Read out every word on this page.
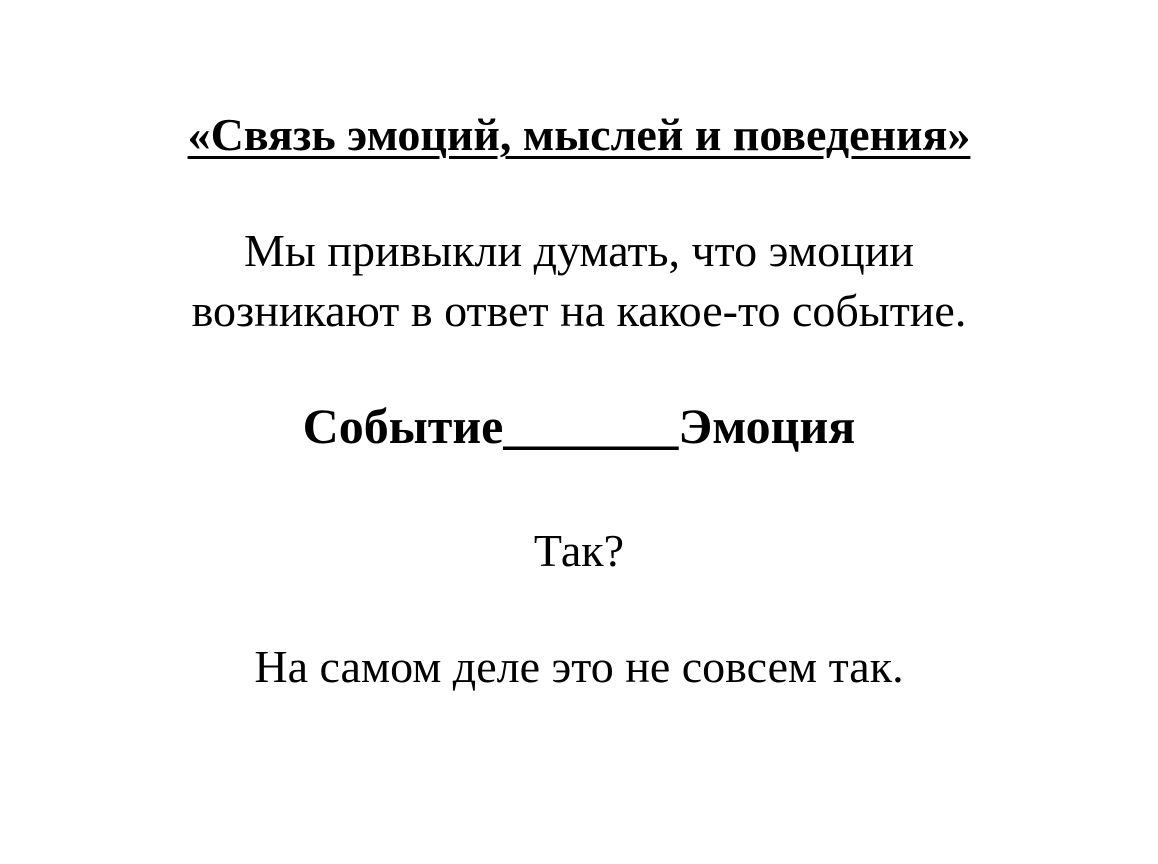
«Связь эмоций, мыслей и поведения»
Мы привыкли думать, что эмоции
возникают в ответ на какое-то событие.
Событие_______Эмоция
Так?
На самом деле это не совсем так.
